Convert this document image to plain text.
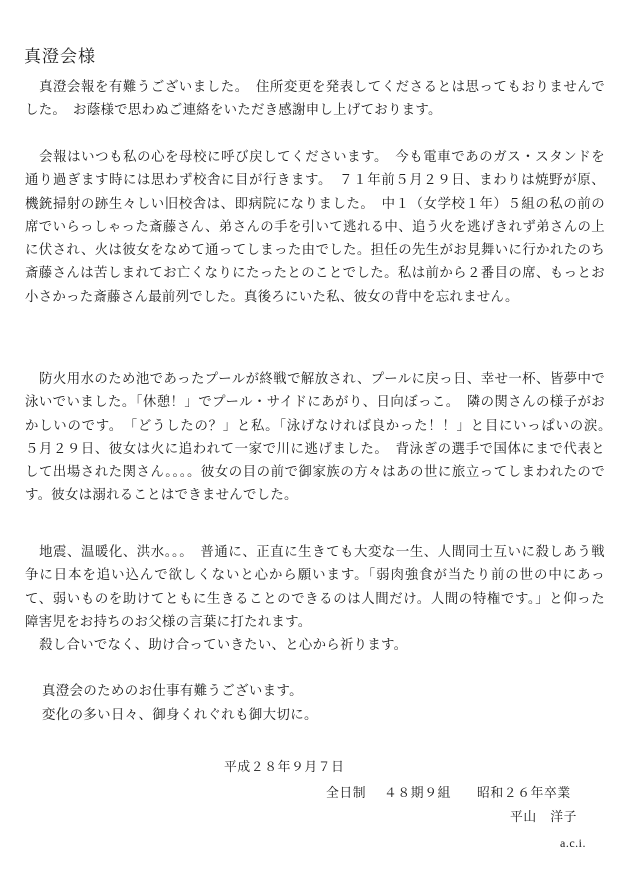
真澄会様

真澄会報を有難うございました。　住所変更を発表してくださるとは思ってもおりませんでした。　お蔭様で思わぬご連絡をいただき感謝申し上げております。

会報はいつも私の心を母校に呼び戻してくださいます。　今も電車であのガス・スタンドを通り過ぎます時には思わず校舎に目が行きます。　７１年前５月２９日、まわりは焼野が原、機銃掃射の跡生々しい旧校舎は、即病院になりました。　中１（女学校１年）５組の私の前の席でいらっしゃった斎藤さん、弟さんの手を引いて逃れる中、追う火を逃げきれず弟さんの上に伏され、火は彼女をなめて通ってしまった由でした。担任の先生がお見舞いに行かれたのち斎藤さんは苦しまれてお亡くなりにたったとのことでした。私は前から２番目の席、もっとお小さかった斎藤さん最前列でした。真後ろにいた私、彼女の背中を忘れません。

防火用水のため池であったプールが終戦で解放され、プールに戻っ日、幸せ一杯、皆夢中で泳いでいました。「休憩！」でプール・サイドにあがり、日向ぼっこ。　隣の関さんの様子がおかしいのです。　「どうしたの？」と私。「泳げなければ良かった！！」と目にいっぱいの涙。　５月２９日、彼女は火に追われて一家で川に逃げました。　背泳ぎの選手で国体にまで代表として出場された関さん。。。。彼女の目の前で御家族の方々はあの世に旅立ってしまわれたのです。彼女は溺れることはできませんでした。

地震、温暖化、洪水。。。　普通に、正直に生きても大変な一生、人間同士互いに殺しあう戦争に日本を追い込んで欲しくないと心から願います。「弱肉強食が当たり前の世の中にあって、弱いものを助けてともに生きることのできるのは人間だけ。人間の特権です。」と仰った障害児をお持ちのお父様の言葉に打たれます。

殺し合いでなく、助け合っていきたい、と心から祈ります。

真澄会のためのお仕事有難うございます。

変化の多い日々、御身くれぐれも御大切に。

平成２８年９月７日

全日制 ４８期９組 昭和２６年卒業

平山　洋子

a.c.i.
